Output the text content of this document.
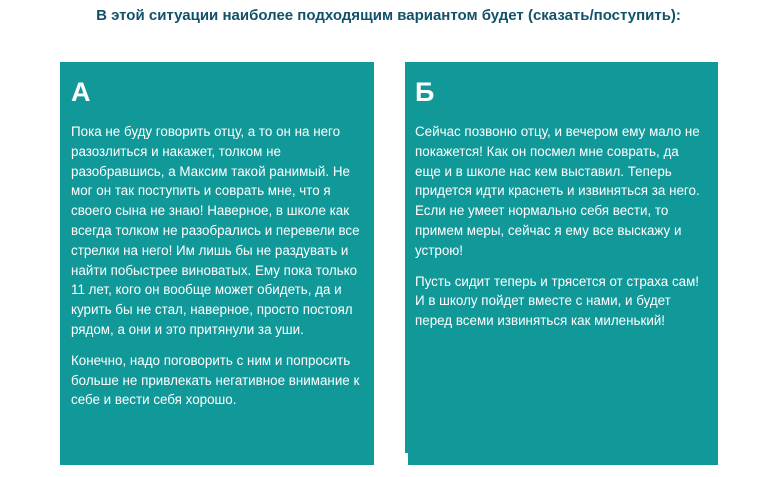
В этой ситуации наиболее подходящим вариантом будет (сказать/поступить):
А

Пока не буду говорить отцу, а то он на него разозлиться и накажет, толком не разобравшись, а Максим такой ранимый. Не мог он так поступить и соврать мне, что я своего сына не знаю! Наверное, в школе как всегда толком не разобрались и перевели все стрелки на него! Им лишь бы не раздувать и найти побыстрее виноватых. Ему пока только 11 лет, кого он вообще может обидеть, да и курить бы не стал, наверное, просто постоял рядом, а они и это притянули за уши.

Конечно, надо поговорить с ним и попросить больше не привлекать негативное внимание к себе и вести себя хорошо.

Б

Сейчас позвоню отцу, и вечером ему мало не покажется! Как он посмел мне соврать, да еще и в школе нас кем выставил. Теперь придется идти краснеть и извиняться за него. Если не умеет нормально себя вести, то примем меры, сейчас я ему все выскажу и устрою!

Пусть сидит теперь и трясется от страха сам! И в школу пойдет вместе с нами, и будет перед всеми извиняться как миленький!
